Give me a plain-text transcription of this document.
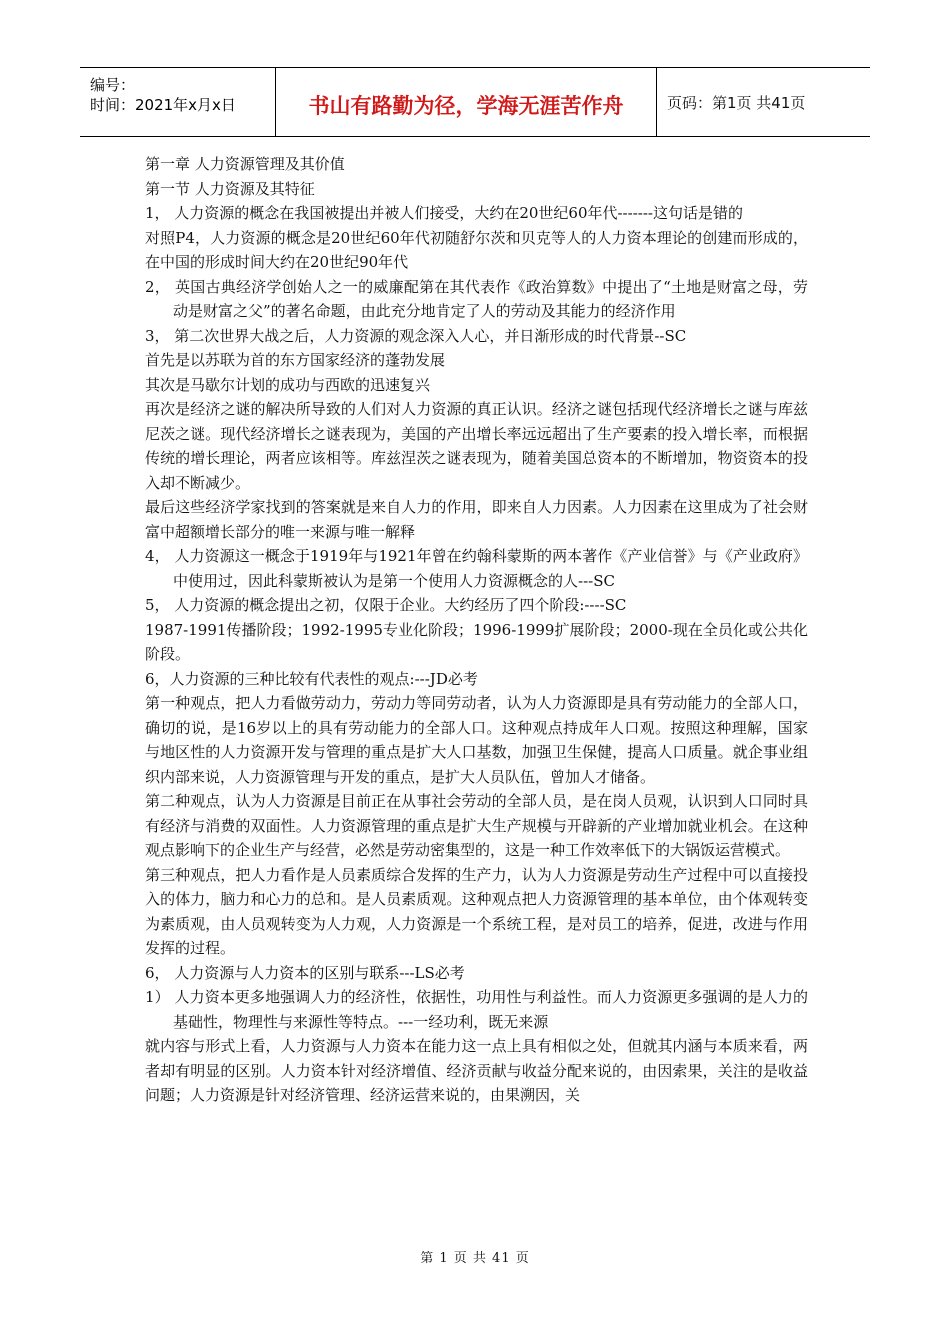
编号：
时间：2021年x月x日	书山有路勤为径，学海无涯苦作舟	页码：第1页 共41页

第一章 人力资源管理及其价值

第一节 人力资源及其特征

1， 人力资源的概念在我国被提出并被人们接受，大约在20世纪60年代-------这句话是错的

对照P4，人力资源的概念是20世纪60年代初随舒尔茨和贝克等人的人力资本理论的创建而形成的，在中国的形成时间大约在20世纪90年代

2， 英国古典经济学创始人之一的威廉配第在其代表作《政治算数》中提出了“土地是财富之母，劳动是财富之父”的著名命题，由此充分地肯定了人的劳动及其能力的经济作用

3， 第二次世界大战之后，人力资源的观念深入人心，并日渐形成的时代背景--SC

首先是以苏联为首的东方国家经济的蓬勃发展

其次是马歇尔计划的成功与西欧的迅速复兴

再次是经济之谜的解决所导致的人们对人力资源的真正认识。经济之谜包括现代经济增长之谜与库兹尼茨之谜。现代经济增长之谜表现为，美国的产出增长率远远超出了生产要素的投入增长率，而根据传统的增长理论，两者应该相等。库兹涅茨之谜表现为，随着美国总资本的不断增加，物资资本的投入却不断减少。

最后这些经济学家找到的答案就是来自人力的作用，即来自人力因素。人力因素在这里成为了社会财富中超额增长部分的唯一来源与唯一解释

4， 人力资源这一概念于1919年与1921年曾在约翰科蒙斯的两本著作《产业信誉》与《产业政府》中使用过，因此科蒙斯被认为是第一个使用人力资源概念的人---SC

5， 人力资源的概念提出之初，仅限于企业。大约经历了四个阶段:----SC

1987-1991传播阶段；1992-1995专业化阶段；1996-1999扩展阶段；2000-现在全员化或公共化阶段。

6，人力资源的三种比较有代表性的观点:---JD必考

第一种观点，把人力看做劳动力，劳动力等同劳动者，认为人力资源即是具有劳动能力的全部人口，确切的说，是16岁以上的具有劳动能力的全部人口。这种观点持成年人口观。按照这种理解，国家与地区性的人力资源开发与管理的重点是扩大人口基数，加强卫生保健，提高人口质量。就企事业组织内部来说，人力资源管理与开发的重点，是扩大人员队伍，曾加人才储备。

第二种观点，认为人力资源是目前正在从事社会劳动的全部人员，是在岗人员观，认识到人口同时具有经济与消费的双面性。人力资源管理的重点是扩大生产规模与开辟新的产业增加就业机会。在这种观点影响下的企业生产与经营，必然是劳动密集型的，这是一种工作效率低下的大锅饭运营模式。

第三种观点，把人力看作是人员素质综合发挥的生产力，认为人力资源是劳动生产过程中可以直接投入的体力，脑力和心力的总和。是人员素质观。这种观点把人力资源管理的基本单位，由个体观转变为素质观，由人员观转变为人力观，人力资源是一个系统工程，是对员工的培养，促进，改进与作用发挥的过程。

6， 人力资源与人力资本的区别与联系---LS必考

1） 人力资本更多地强调人力的经济性，依据性，功用性与利益性。而人力资源更多强调的是人力的基础性，物理性与来源性等特点。---一经功利，既无来源

就内容与形式上看，人力资源与人力资本在能力这一点上具有相似之处，但就其内涵与本质来看，两者却有明显的区别。人力资本针对经济增值、经济贡献与收益分配来说的，由因索果，关注的是收益问题；人力资源是针对经济管理、经济运营来说的，由果溯因，关

第 1 页 共 41 页
